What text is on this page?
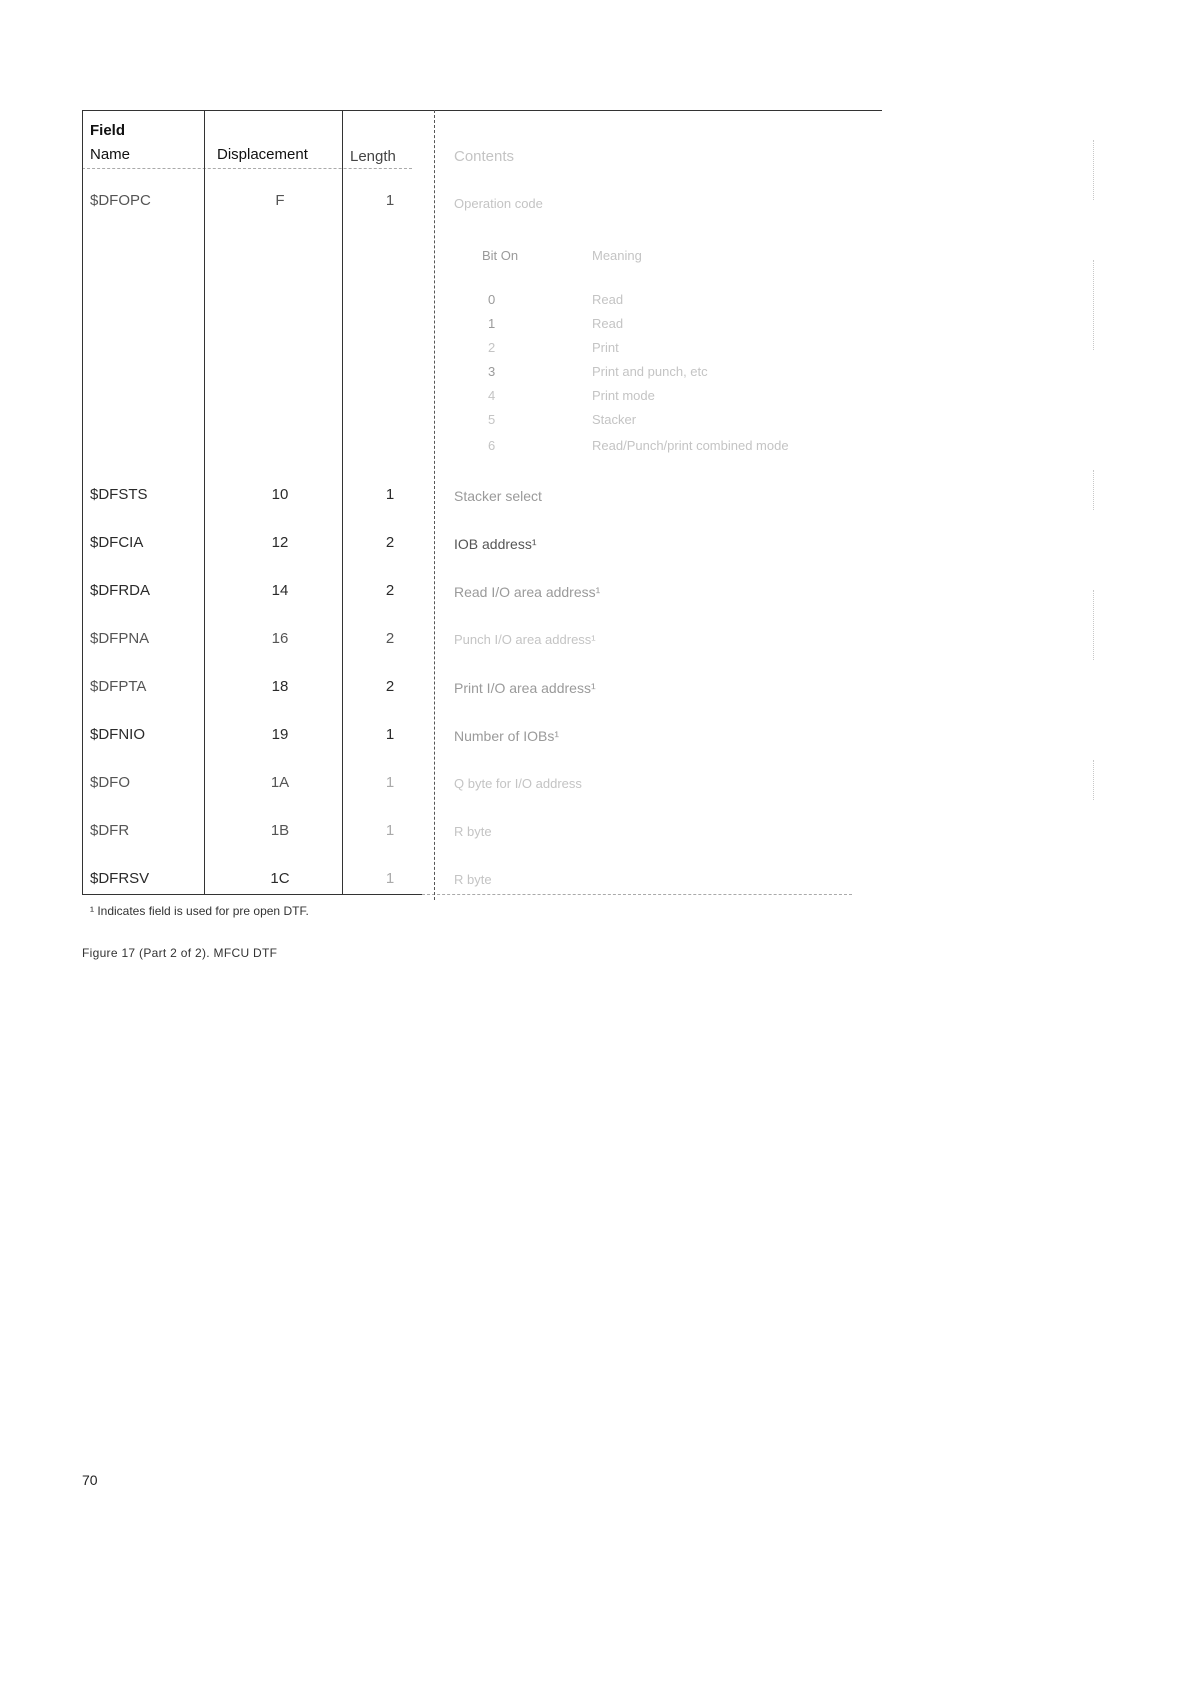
Field
Name	Displacement	Length	Contents
$DFOPC	F	1	Operation code
Bit On	Meaning
0	Read
1	Read
2	Print
3	Print and punch, etc
4	Print mode
5	Stacker
6	Read/Punch/print combined mode
$DFSTS	10	1	Stacker select
$DFCIA	12	2	IOB address¹
$DFRDA	14	2	Read I/O area address¹
$DFPNA	16	2	Punch I/O area address¹
$DFPTA	18	2	Print I/O area address¹
$DFNIO	19	1	Number of IOBs¹
$DFO	1A	1	Q byte for I/O address
$DFR	1B	1	R byte
$DFRSV	1C	1	R byte
¹ Indicates field is used for pre open DTF.
Figure 17 (Part 2 of 2). MFCU DTF
70
